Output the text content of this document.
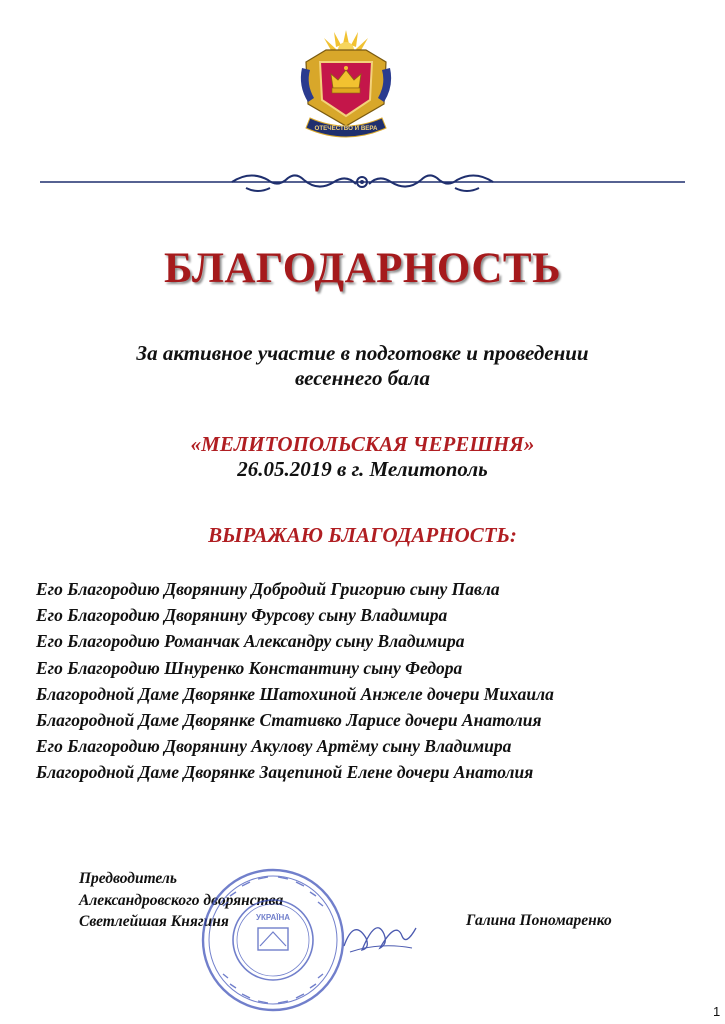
ОТЕЧЕСТВО И ВЕРА
БЛАГОДАРНОСТЬ
За активное участие в подготовке и проведении
весеннего бала
«МЕЛИТОПОЛЬСКАЯ ЧЕРЕШНЯ»
26.05.2019 в г. Мелитополь
ВЫРАЖАЮ БЛАГОДАРНОСТЬ:
Его Благородию Дворянину Добродий Григорию сыну Павла
Его Благородию Дворянину Фурсову сыну Владимира
Его Благородию Романчак Александру сыну Владимира
Его Благородию Шнуренко Константину сыну Федора
Благородной Даме Дворянке Шатохиной Анжеле дочери Михаила
Благородной Даме Дворянке Стативко Ларисе дочери Анатолия
Его Благородию Дворянину Акулову Артёму сыну Владимира
Благородной Даме Дворянке Зацепиной Елене дочери Анатолия
Предводитель
Александровского дворянства
Светлейшая Княгиня	Галина Пономаренко
УКРАЇНА
1
